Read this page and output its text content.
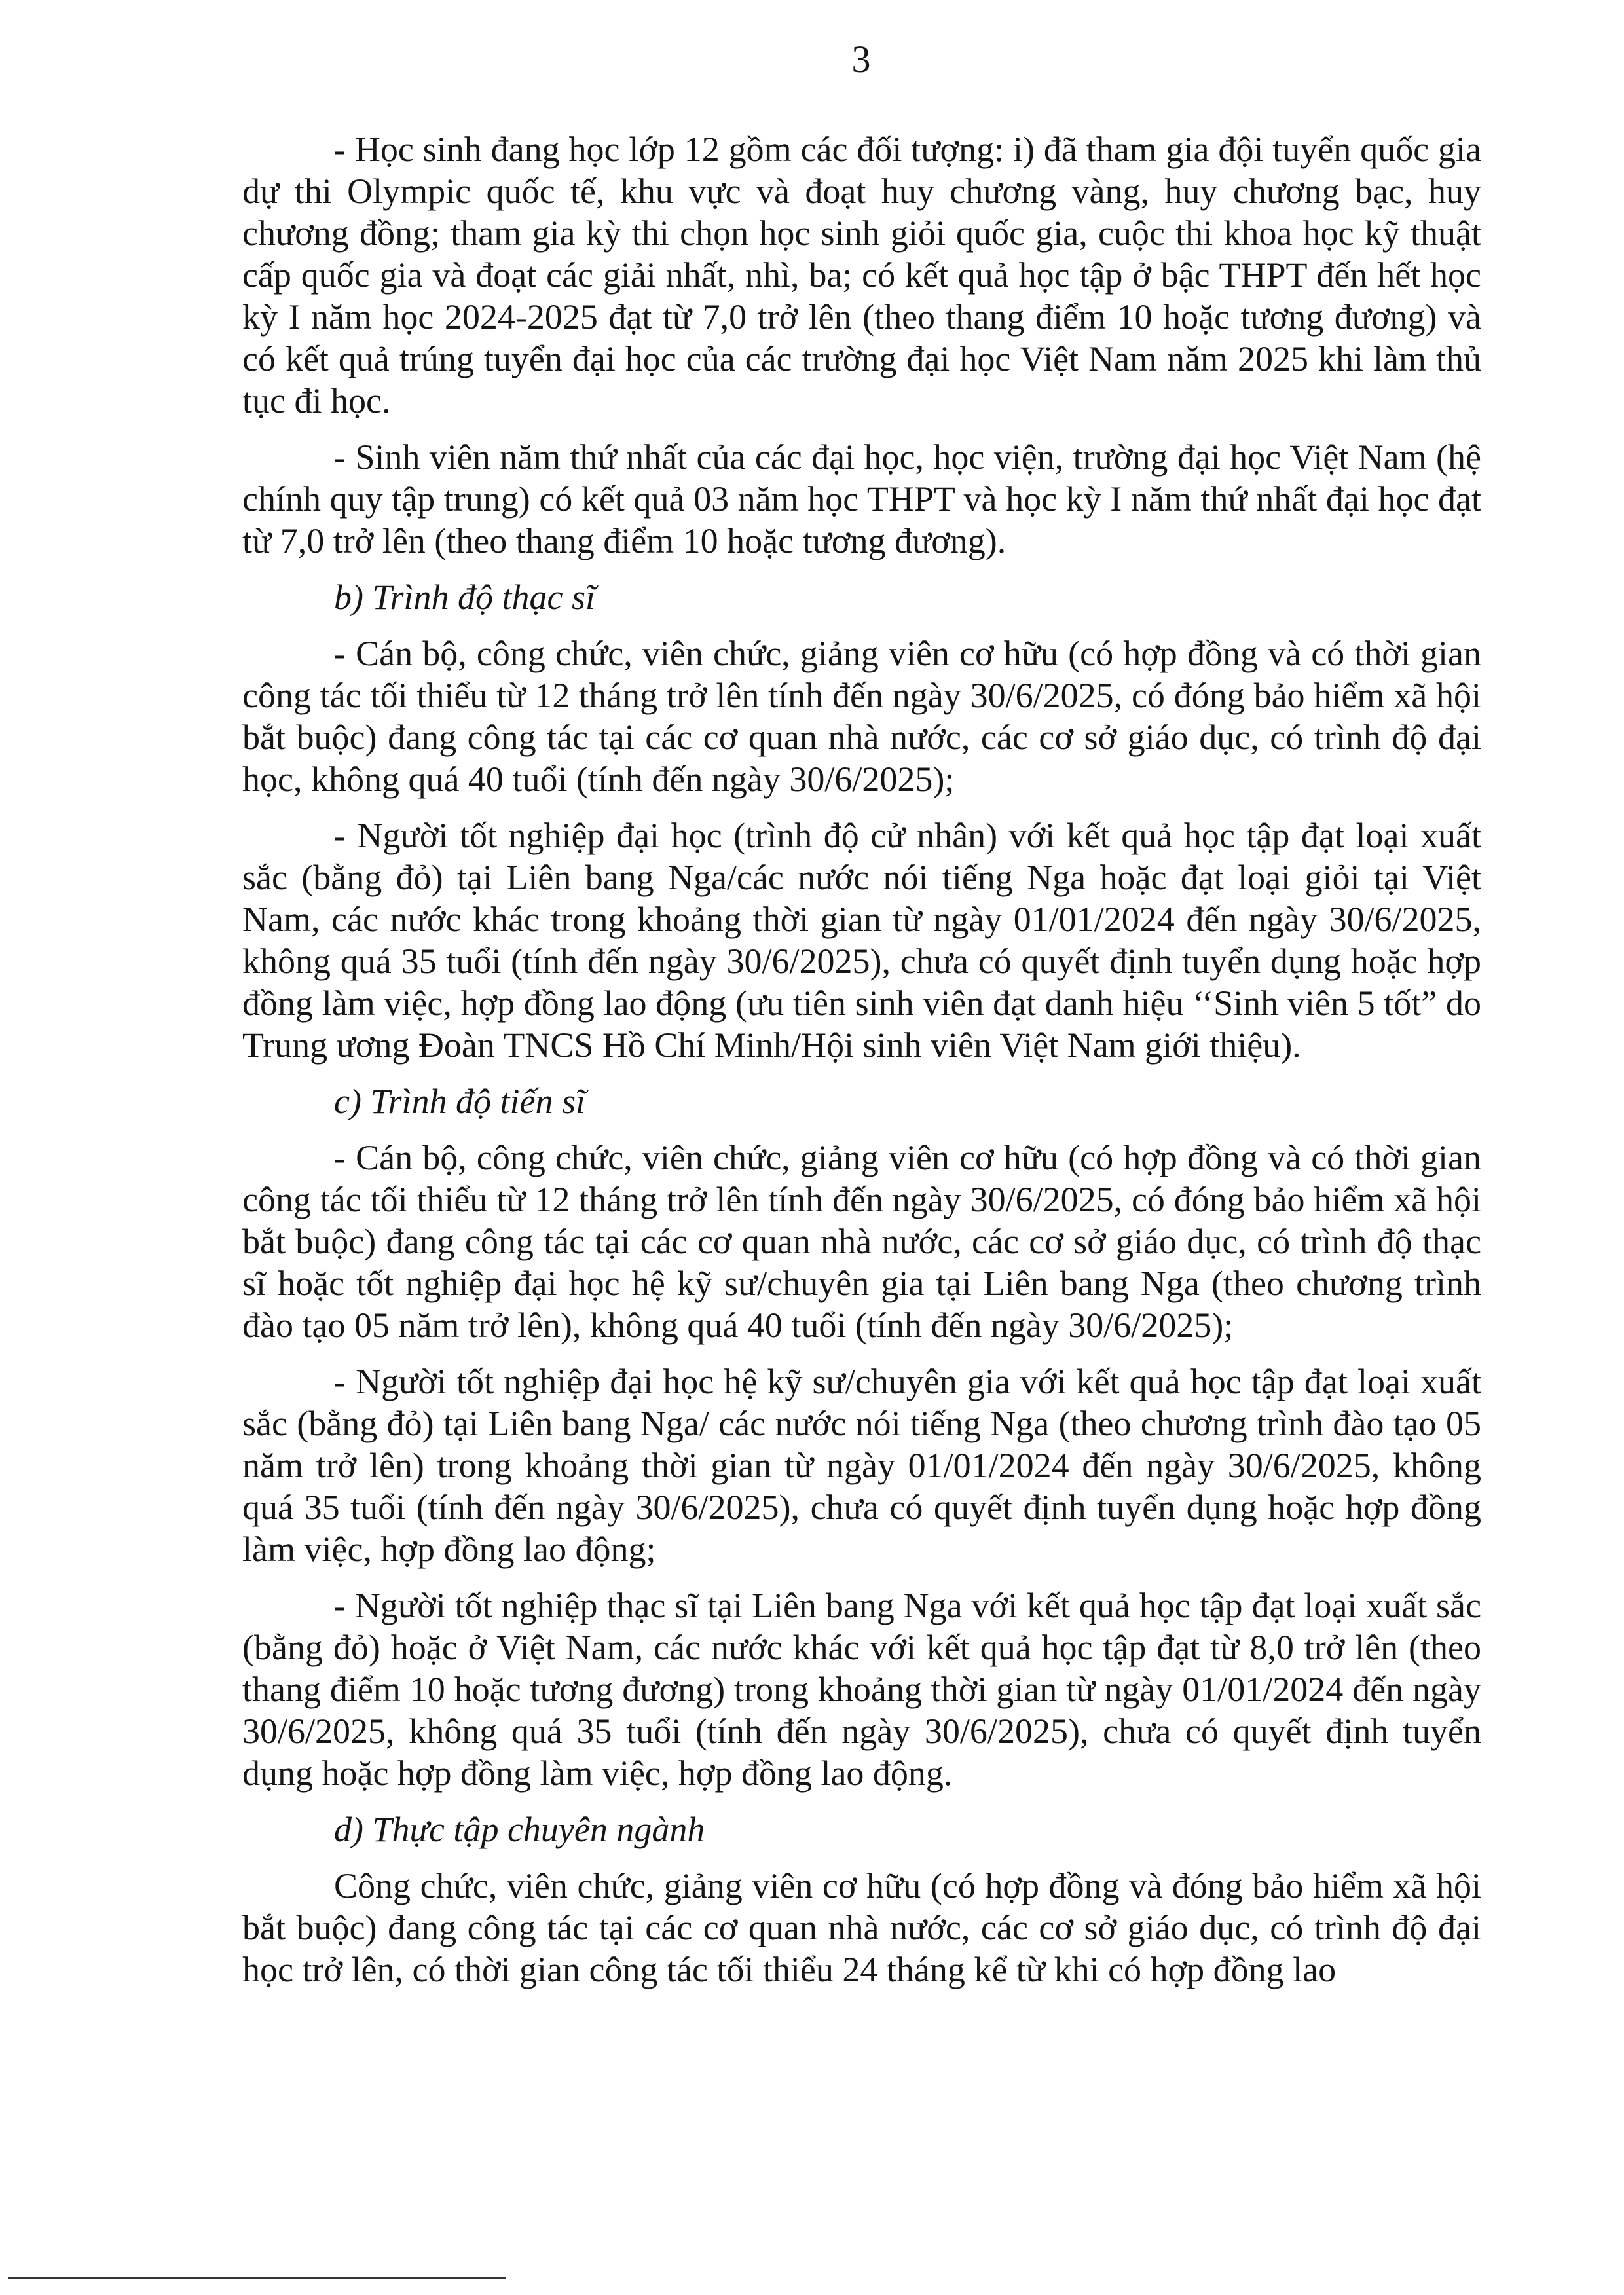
3

- Học sinh đang học lớp 12 gồm các đối tượng: i) đã tham gia đội tuyển quốc gia dự thi Olympic quốc tế, khu vực và đoạt huy chương vàng, huy chương bạc, huy chương đồng; tham gia kỳ thi chọn học sinh giỏi quốc gia, cuộc thi khoa học kỹ thuật cấp quốc gia và đoạt các giải nhất, nhì, ba; có kết quả học tập ở bậc THPT đến hết học kỳ I năm học 2024-2025 đạt từ 7,0 trở lên (theo thang điểm 10 hoặc tương đương) và có kết quả trúng tuyển đại học của các trường đại học Việt Nam năm 2025 khi làm thủ tục đi học.

- Sinh viên năm thứ nhất của các đại học, học viện, trường đại học Việt Nam (hệ chính quy tập trung) có kết quả 03 năm học THPT và học kỳ I năm thứ nhất đại học đạt từ 7,0 trở lên (theo thang điểm 10 hoặc tương đương).

b) Trình độ thạc sĩ

- Cán bộ, công chức, viên chức, giảng viên cơ hữu (có hợp đồng và có thời gian công tác tối thiểu từ 12 tháng trở lên tính đến ngày 30/6/2025, có đóng bảo hiểm xã hội bắt buộc) đang công tác tại các cơ quan nhà nước, các cơ sở giáo dục, có trình độ đại học, không quá 40 tuổi (tính đến ngày 30/6/2025);

- Người tốt nghiệp đại học (trình độ cử nhân) với kết quả học tập đạt loại xuất sắc (bằng đỏ) tại Liên bang Nga/các nước nói tiếng Nga hoặc đạt loại giỏi tại Việt Nam, các nước khác trong khoảng thời gian từ ngày 01/01/2024 đến ngày 30/6/2025, không quá 35 tuổi (tính đến ngày 30/6/2025), chưa có quyết định tuyển dụng hoặc hợp đồng làm việc, hợp đồng lao động (ưu tiên sinh viên đạt danh hiệu ‘‘Sinh viên 5 tốt” do Trung ương Đoàn TNCS Hồ Chí Minh/Hội sinh viên Việt Nam giới thiệu).

c) Trình độ tiến sĩ

- Cán bộ, công chức, viên chức, giảng viên cơ hữu (có hợp đồng và có thời gian công tác tối thiểu từ 12 tháng trở lên tính đến ngày 30/6/2025, có đóng bảo hiểm xã hội bắt buộc) đang công tác tại các cơ quan nhà nước, các cơ sở giáo dục, có trình độ thạc sĩ hoặc tốt nghiệp đại học hệ kỹ sư/chuyên gia tại Liên bang Nga (theo chương trình đào tạo 05 năm trở lên), không quá 40 tuổi (tính đến ngày 30/6/2025);

- Người tốt nghiệp đại học hệ kỹ sư/chuyên gia với kết quả học tập đạt loại xuất sắc (bằng đỏ) tại Liên bang Nga/ các nước nói tiếng Nga (theo chương trình đào tạo 05 năm trở lên) trong khoảng thời gian từ ngày 01/01/2024 đến ngày 30/6/2025, không quá 35 tuổi (tính đến ngày 30/6/2025), chưa có quyết định tuyển dụng hoặc hợp đồng làm việc, hợp đồng lao động;

- Người tốt nghiệp thạc sĩ tại Liên bang Nga với kết quả học tập đạt loại xuất sắc (bằng đỏ) hoặc ở Việt Nam, các nước khác với kết quả học tập đạt từ 8,0 trở lên (theo thang điểm 10 hoặc tương đương) trong khoảng thời gian từ ngày 01/01/2024 đến ngày 30/6/2025, không quá 35 tuổi (tính đến ngày 30/6/2025), chưa có quyết định tuyển dụng hoặc hợp đồng làm việc, hợp đồng lao động.

d) Thực tập chuyên ngành

Công chức, viên chức, giảng viên cơ hữu (có hợp đồng và đóng bảo hiểm xã hội bắt buộc) đang công tác tại các cơ quan nhà nước, các cơ sở giáo dục, có trình độ đại học trở lên, có thời gian công tác tối thiểu 24 tháng kể từ khi có hợp đồng lao
